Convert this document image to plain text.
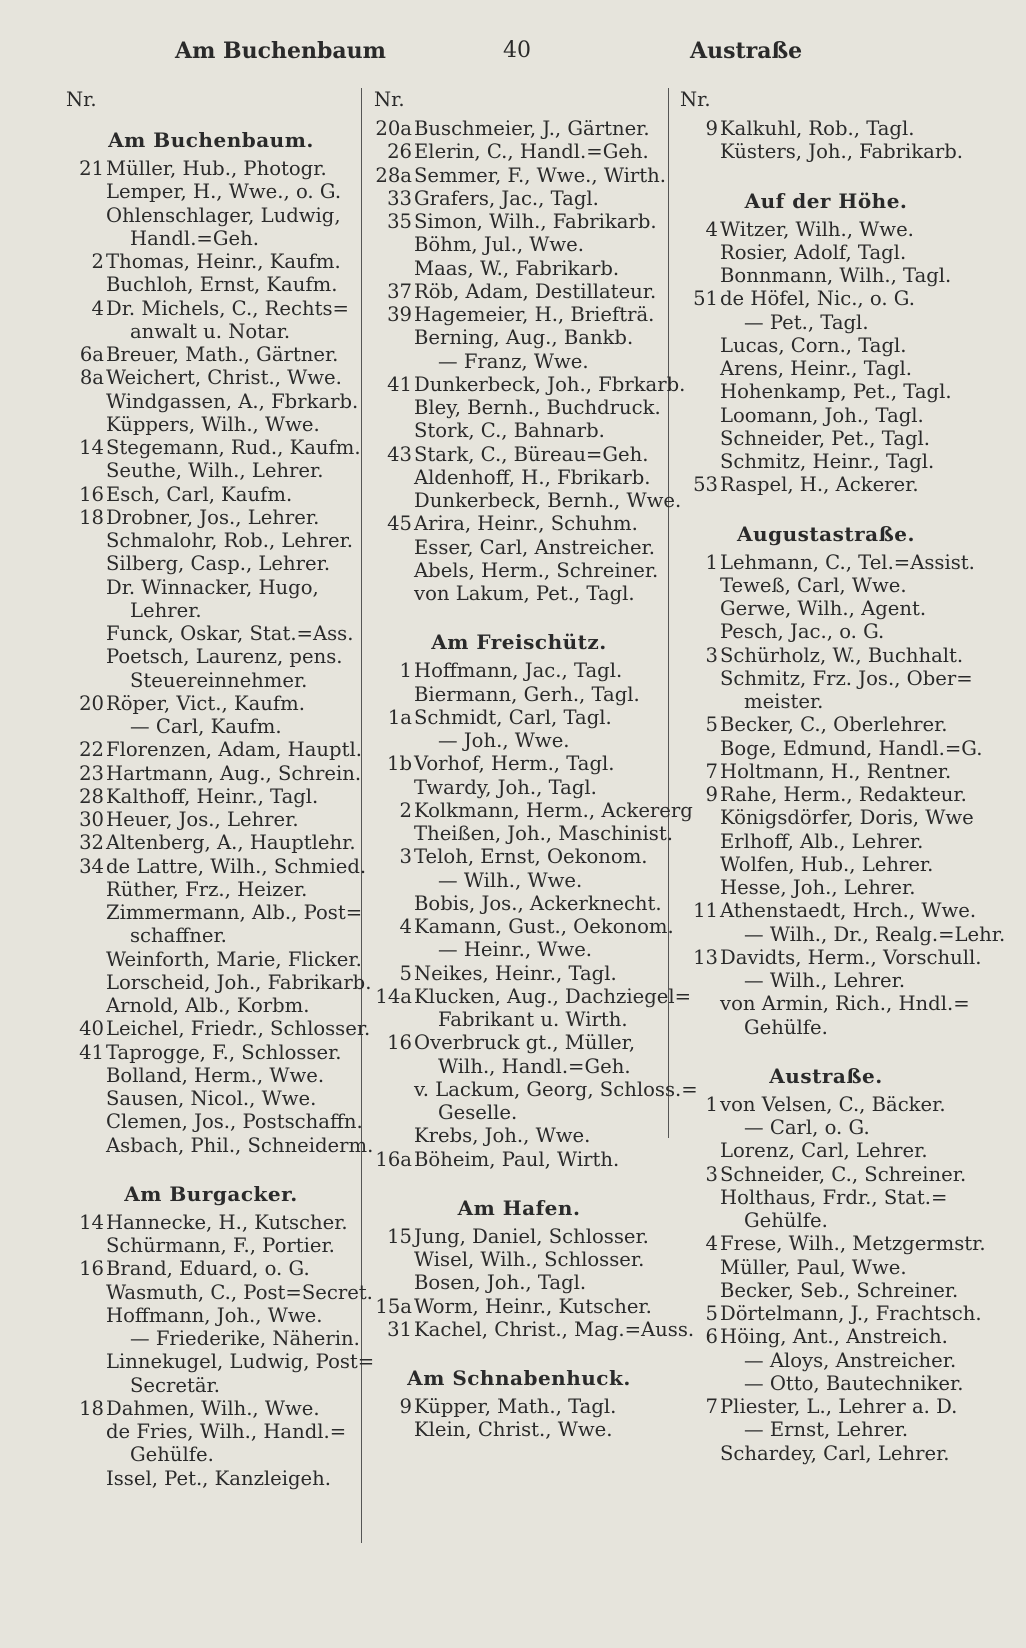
Am Buchenbaum	40	Austraße
Nr.
Am Buchenbaum.
21 Müller, Hub., Photogr.
Lemper, H., Wwe., o. G.
Ohlenschlager, Ludwig,
Handl.=Geh.
2 Thomas, Heinr., Kaufm.
Buchloh, Ernst, Kaufm.
4 Dr. Michels, C., Rechts=
anwalt u. Notar.
6a Breuer, Math., Gärtner.
8a Weichert, Christ., Wwe.
Windgassen, A., Fbrkarb.
Küppers, Wilh., Wwe.
14 Stegemann, Rud., Kaufm.
Seuthe, Wilh., Lehrer.
16 Esch, Carl, Kaufm.
18 Drobner, Jos., Lehrer.
Schmalohr, Rob., Lehrer.
Silberg, Casp., Lehrer.
Dr. Winnacker, Hugo,
Lehrer.
Funck, Oskar, Stat.=Ass.
Poetsch, Laurenz, pens.
Steuereinnehmer.
20 Röper, Vict., Kaufm.
— Carl, Kaufm.
22 Florenzen, Adam, Hauptl.
23 Hartmann, Aug., Schrein.
28 Kalthoff, Heinr., Tagl.
30 Heuer, Jos., Lehrer.
32 Altenberg, A., Hauptlehr.
34 de Lattre, Wilh., Schmied.
Rüther, Frz., Heizer.
Zimmermann, Alb., Post=
schaffner.
Weinforth, Marie, Flicker.
Lorscheid, Joh., Fabrikarb.
Arnold, Alb., Korbm.
40 Leichel, Friedr., Schlosser.
41 Taprogge, F., Schlosser.
Bolland, Herm., Wwe.
Sausen, Nicol., Wwe.
Clemen, Jos., Postschaffn.
Asbach, Phil., Schneiderm.
Am Burgacker.
14 Hannecke, H., Kutscher.
Schürmann, F., Portier.
16 Brand, Eduard, o. G.
Wasmuth, C., Post=Secret.
Hoffmann, Joh., Wwe.
— Friederike, Näherin.
Linnekugel, Ludwig, Post=
Secretär.
18 Dahmen, Wilh., Wwe.
de Fries, Wilh., Handl.=
Gehülfe.
Issel, Pet., Kanzleigeh.
Nr.
20a Buschmeier, J., Gärtner.
26 Elerin, C., Handl.=Geh.
28a Semmer, F., Wwe., Wirth.
33 Grafers, Jac., Tagl.
35 Simon, Wilh., Fabrikarb.
Böhm, Jul., Wwe.
Maas, W., Fabrikarb.
37 Röb, Adam, Destillateur.
39 Hagemeier, H., Briefträ.
Berning, Aug., Bankb.
— Franz, Wwe.
41 Dunkerbeck, Joh., Fbrkarb.
Bley, Bernh., Buchdruck.
Stork, C., Bahnarb.
43 Stark, C., Büreau=Geh.
Aldenhoff, H., Fbrikarb.
Dunkerbeck, Bernh., Wwe.
45 Arira, Heinr., Schuhm.
Esser, Carl, Anstreicher.
Abels, Herm., Schreiner.
von Lakum, Pet., Tagl.
Am Freischütz.
1 Hoffmann, Jac., Tagl.
Biermann, Gerh., Tagl.
1a Schmidt, Carl, Tagl.
— Joh., Wwe.
1b Vorhof, Herm., Tagl.
Twardy, Joh., Tagl.
2 Kolkmann, Herm., Ackererg
Theißen, Joh., Maschinist.
3 Teloh, Ernst, Oekonom.
— Wilh., Wwe.
Bobis, Jos., Ackerknecht.
4 Kamann, Gust., Oekonom.
— Heinr., Wwe.
5 Neikes, Heinr., Tagl.
14a Klucken, Aug., Dachziegel=
Fabrikant u. Wirth.
16 Overbruck gt., Müller,
Wilh., Handl.=Geh.
v. Lackum, Georg, Schloss.=
Geselle.
Krebs, Joh., Wwe.
16a Böheim, Paul, Wirth.
Am Hafen.
15 Jung, Daniel, Schlosser.
Wisel, Wilh., Schlosser.
Bosen, Joh., Tagl.
15a Worm, Heinr., Kutscher.
31 Kachel, Christ., Mag.=Auss.
Am Schnabenhuck.
9 Küpper, Math., Tagl.
Klein, Christ., Wwe.
Nr.
9 Kalkuhl, Rob., Tagl.
Küsters, Joh., Fabrikarb.
Auf der Höhe.
4 Witzer, Wilh., Wwe.
Rosier, Adolf, Tagl.
Bonnmann, Wilh., Tagl.
51 de Höfel, Nic., o. G.
— Pet., Tagl.
Lucas, Corn., Tagl.
Arens, Heinr., Tagl.
Hohenkamp, Pet., Tagl.
Loomann, Joh., Tagl.
Schneider, Pet., Tagl.
Schmitz, Heinr., Tagl.
53 Raspel, H., Ackerer.
Augustastraße.
1 Lehmann, C., Tel.=Assist.
Teweß, Carl, Wwe.
Gerwe, Wilh., Agent.
Pesch, Jac., o. G.
3 Schürholz, W., Buchhalt.
Schmitz, Frz. Jos., Ober=
meister.
5 Becker, C., Oberlehrer.
Boge, Edmund, Handl.=G.
7 Holtmann, H., Rentner.
9 Rahe, Herm., Redakteur.
Königsdörfer, Doris, Wwe
Erlhoff, Alb., Lehrer.
Wolfen, Hub., Lehrer.
Hesse, Joh., Lehrer.
11 Athenstaedt, Hrch., Wwe.
— Wilh., Dr., Realg.=Lehr.
13 Davidts, Herm., Vorschull.
— Wilh., Lehrer.
von Armin, Rich., Hndl.=
Gehülfe.
Austraße.
1 von Velsen, C., Bäcker.
— Carl, o. G.
Lorenz, Carl, Lehrer.
3 Schneider, C., Schreiner.
Holthaus, Frdr., Stat.=
Gehülfe.
4 Frese, Wilh., Metzgermstr.
Müller, Paul, Wwe.
Becker, Seb., Schreiner.
5 Dörtelmann, J., Frachtsch.
6 Höing, Ant., Anstreich.
— Aloys, Anstreicher.
— Otto, Bautechniker.
7 Pliester, L., Lehrer a. D.
— Ernst, Lehrer.
Schardey, Carl, Lehrer.
